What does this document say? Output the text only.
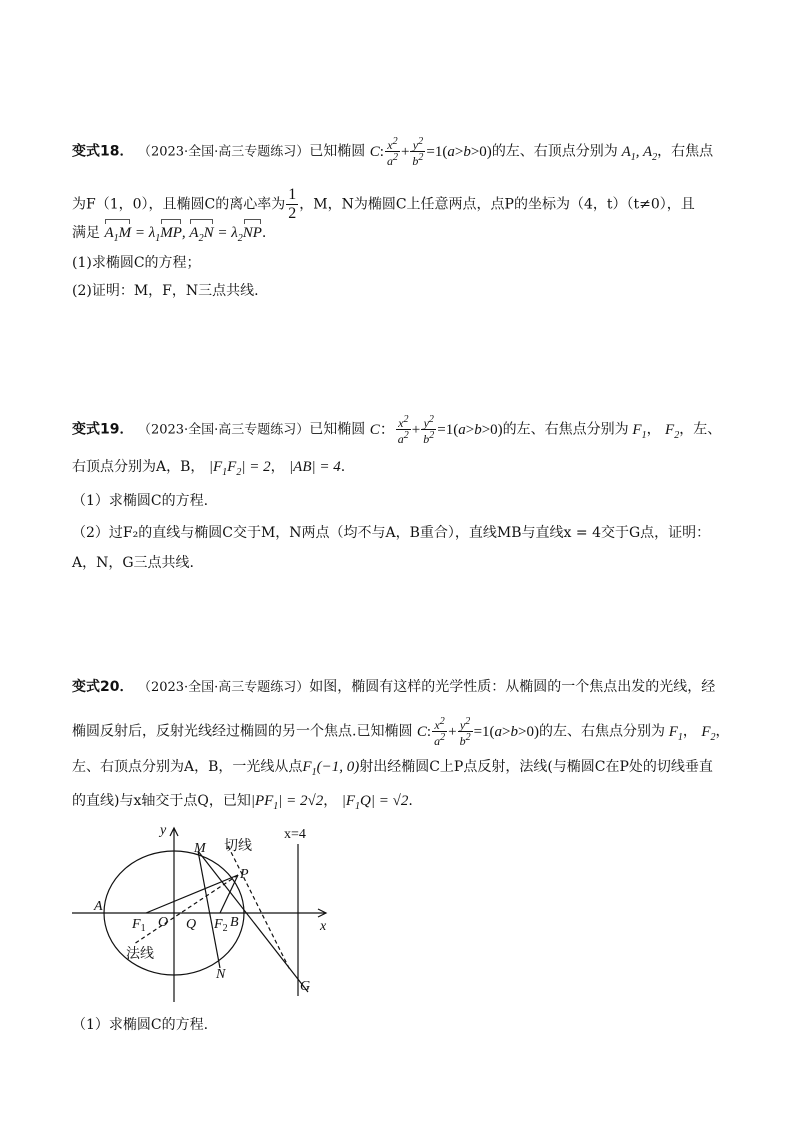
变式18． （2023·全国·高三专题练习）已知椭圆 C: $\frac{x^2}{a^2} + \frac{y^2}{b^2} =1(a>b>0)$的左、右顶点分别为 $A_1$, $A_2$，右焦点
为F（1，0），且椭圆C的离心率为 $\frac{1}{2}$ ，M，N为椭圆C上任意两点，点P的坐标为（4，t）（t≠0），且
满足 $A_1M = \lambda_1MP$, $A_2N = \lambda_2NP$.
(1)求椭圆C的方程；
(2)证明：M，F，N三点共线.
变式19． （2023·全国·高三专题练习）已知椭圆 C： $\frac{x^2}{a^2} + \frac{y^2}{b^2} =1(a>b>0)$的左、右焦点分别为 $F_1$， $F_2$，左、
右顶点分别为A，B， $|F_1F_2| = 2$， |AB| = 4.
（1）求椭圆C的方程.
（2）过F₂的直线与椭圆C交于M，N两点（均不与A，B重合），直线MB与直线x = 4交于G点，证明：
A，N，G三点共线.
变式20． （2023·全国·高三专题练习）如图，椭圆有这样的光学性质：从椭圆的一个焦点出发的光线，经
椭圆反射后，反射光线经过椭圆的另一个焦点.已知椭圆 C: $\frac{x^2}{a^2} + \frac{y^2}{b^2} =1(a>b>0)$的左、右焦点分别为 $F_1$， $F_2$，
左、右顶点分别为A，B，一光线从点$F_1(-1$, 0)射出经椭圆C上P点反射，法线(与椭圆C在P处的切线垂直
的直线)与x轴交于点Q，已知$|PF_1| = 2√2$， $|F_1Q| = √2$.
y
x
x=4
M 切线
P
A
$F_1$ O Q $F_2$ B
法线
N
G
（1）求椭圆C的方程.
